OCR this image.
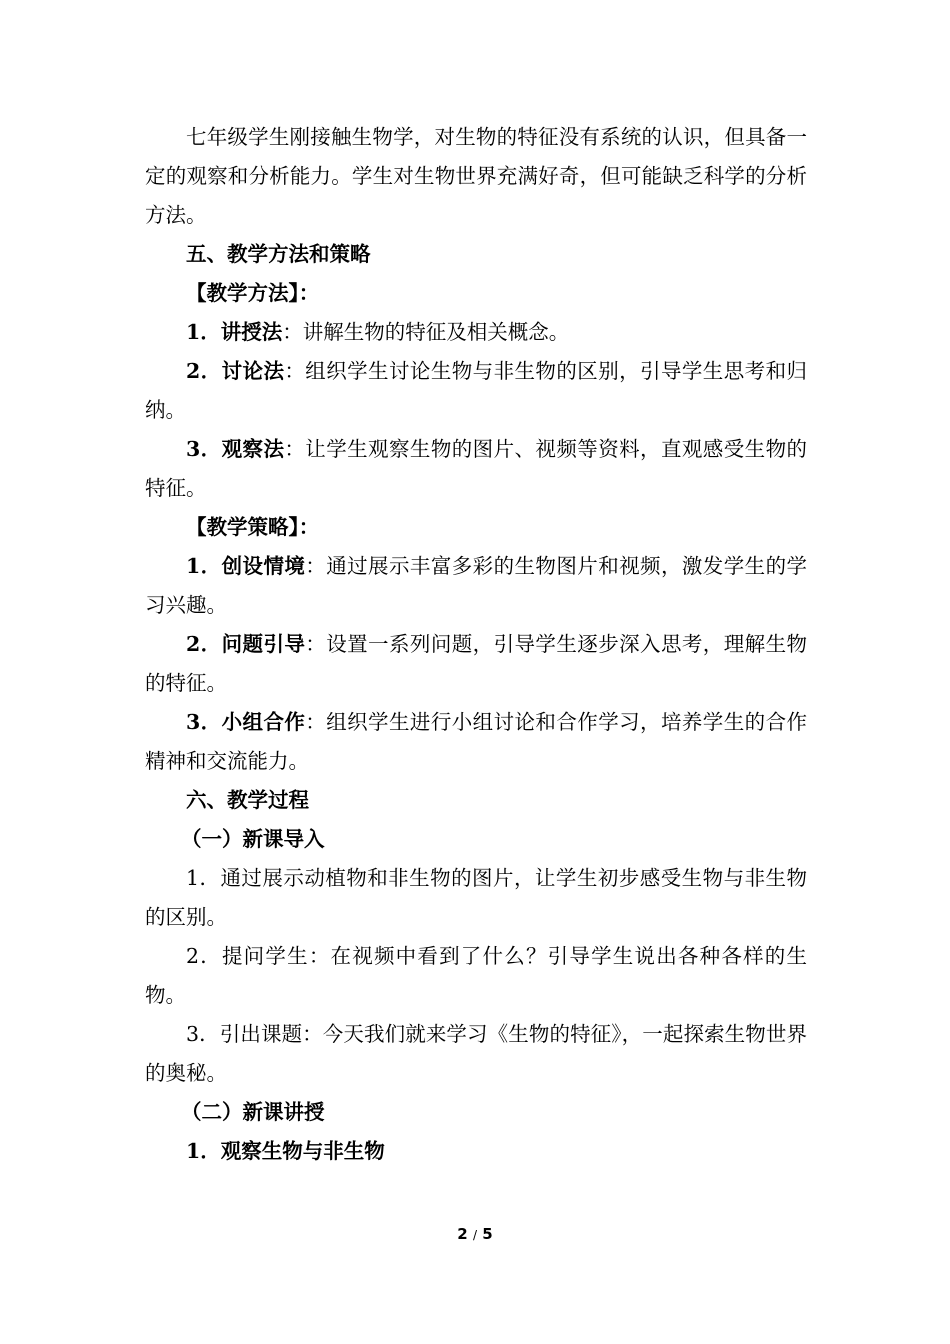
七年级学生刚接触生物学，对生物的特征没有系统的认识，但具备一定的观察和分析能力。学生对生物世界充满好奇，但可能缺乏科学的分析方法。

五、教学方法和策略

【教学方法】：

1．讲授法：讲解生物的特征及相关概念。

2．讨论法：组织学生讨论生物与非生物的区别，引导学生思考和归纳。

3．观察法：让学生观察生物的图片、视频等资料，直观感受生物的特征。

【教学策略】：

1．创设情境：通过展示丰富多彩的生物图片和视频，激发学生的学习兴趣。

2．问题引导：设置一系列问题，引导学生逐步深入思考，理解生物的特征。

3．小组合作：组织学生进行小组讨论和合作学习，培养学生的合作精神和交流能力。

六、教学过程

（一）新课导入

1．通过展示动植物和非生物的图片，让学生初步感受生物与非生物的区别。

2．提问学生：在视频中看到了什么？引导学生说出各种各样的生物。

3．引出课题：今天我们就来学习《生物的特征》，一起探索生物世界的奥秘。

（二）新课讲授

1．观察生物与非生物

2 / 5
